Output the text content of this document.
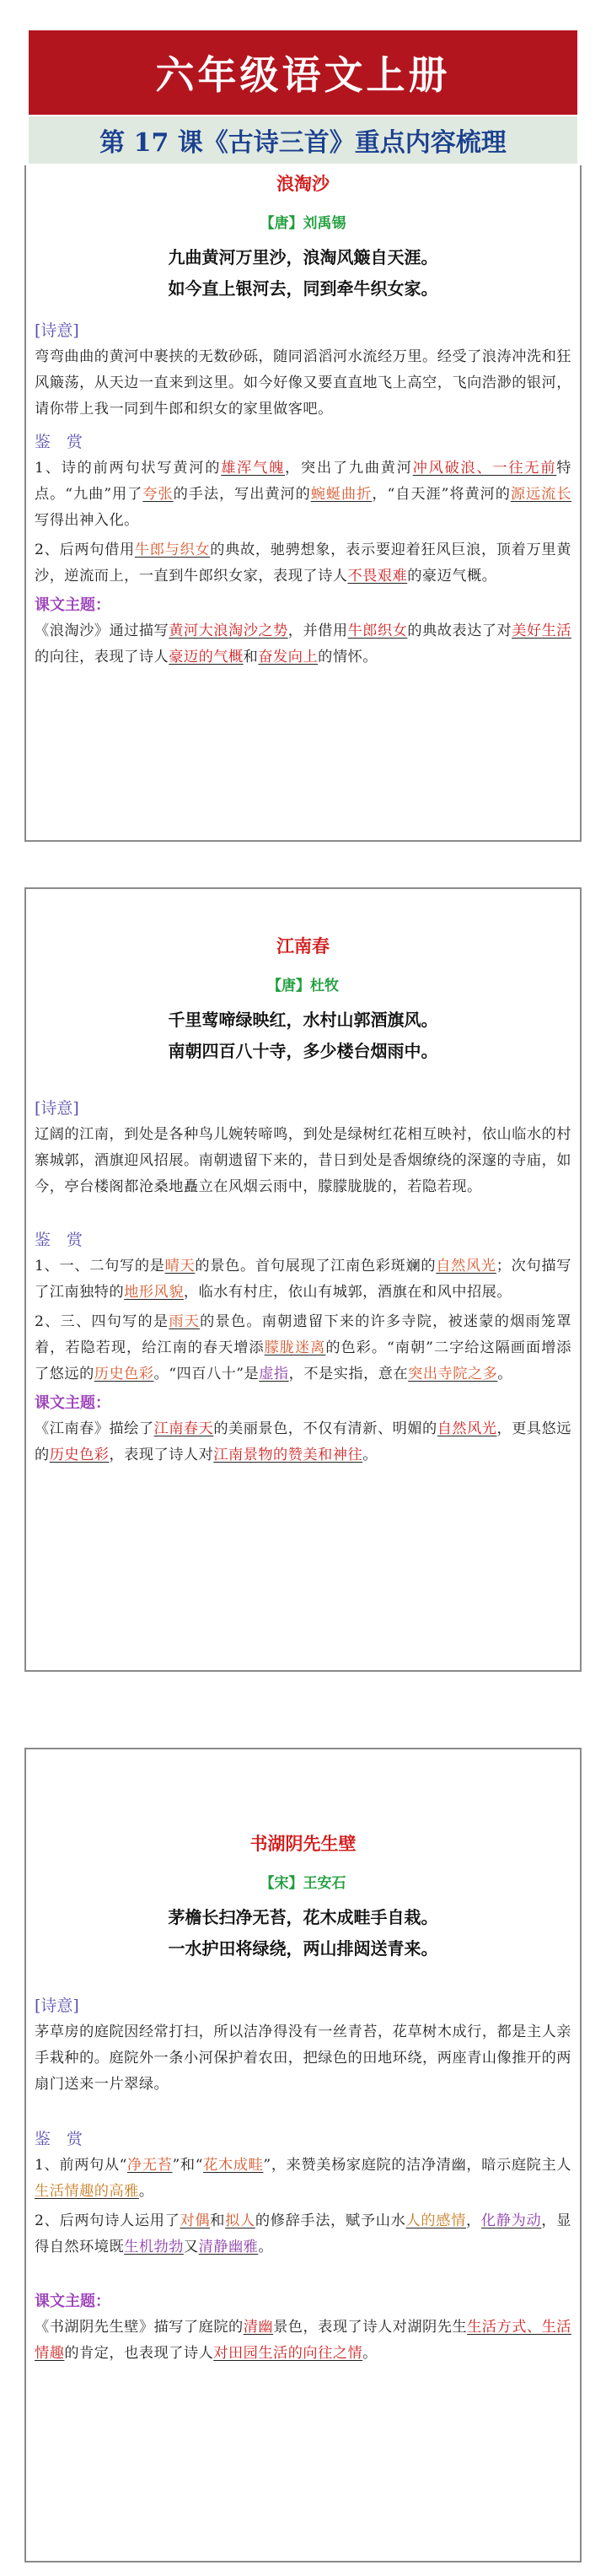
六年级语文上册
第 17 课《古诗三首》重点内容梳理
浪淘沙
【唐】刘禹锡
九曲黄河万里沙，浪淘风簸自天涯。
如今直上银河去，同到牵牛织女家。
[诗意]

弯弯曲曲的黄河中裹挟的无数砂砾，随同滔滔河水流经万里。经受了浪涛冲洗和狂风簸荡，从天边一直来到这里。如今好像又要直直地飞上高空，飞向浩渺的银河，请你带上我一同到牛郎和织女的家里做客吧。

鉴　赏

1、诗的前两句状写黄河的雄浑气魄，突出了九曲黄河冲风破浪、一往无前特点。“九曲”用了夸张的手法，写出黄河的蜿蜒曲折，“自天涯”将黄河的源远流长写得出神入化。

2、后两句借用牛郎与织女的典故，驰骋想象，表示要迎着狂风巨浪，顶着万里黄沙，逆流而上，一直到牛郎织女家，表现了诗人不畏艰难的豪迈气概。

课文主题：

《浪淘沙》通过描写黄河大浪淘沙之势，并借用牛郎织女的典故表达了对美好生活的向往，表现了诗人豪迈的气概和奋发向上的情怀。

江南春
【唐】杜牧
千里莺啼绿映红，水村山郭酒旗风。
南朝四百八十寺，多少楼台烟雨中。
[诗意]

辽阔的江南，到处是各种鸟儿婉转啼鸣，到处是绿树红花相互映衬，依山临水的村寨城郭，酒旗迎风招展。南朝遗留下来的，昔日到处是香烟缭绕的深邃的寺庙，如今，亭台楼阁都沧桑地矗立在风烟云雨中，朦朦胧胧的，若隐若现。

鉴　赏

1、一、二句写的是晴天的景色。首句展现了江南色彩斑斓的自然风光；次句描写了江南独特的地形风貌，临水有村庄，依山有城郭，酒旗在和风中招展。

2、三、四句写的是雨天的景色。南朝遗留下来的许多寺院，被迷蒙的烟雨笼罩着，若隐若现，给江南的春天增添朦胧迷离的色彩。“南朝”二字给这隔画面增添了悠远的历史色彩。“四百八十”是虚指，不是实指，意在突出寺院之多。

课文主题：

《江南春》描绘了江南春天的美丽景色，不仅有清新、明媚的自然风光，更具悠远的历史色彩，表现了诗人对江南景物的赞美和神往。

书湖阴先生壁
【宋】王安石
茅檐长扫净无苔，花木成畦手自栽。
一水护田将绿绕，两山排闼送青来。
[诗意]

茅草房的庭院因经常打扫，所以洁净得没有一丝青苔，花草树木成行，都是主人亲手栽种的。庭院外一条小河保护着农田，把绿色的田地环绕，两座青山像推开的两扇门送来一片翠绿。

鉴　赏

1、前两句从“净无苔”和“花木成畦”，来赞美杨家庭院的洁净清幽，暗示庭院主人生活情趣的高雅。

2、后两句诗人运用了对偶和拟人的修辞手法，赋予山水人的感情，化静为动，显得自然环境既生机勃勃又清静幽雅。

课文主题：

《书湖阴先生壁》描写了庭院的清幽景色，表现了诗人对湖阴先生生活方式、生活情趣的肯定，也表现了诗人对田园生活的向往之情。
